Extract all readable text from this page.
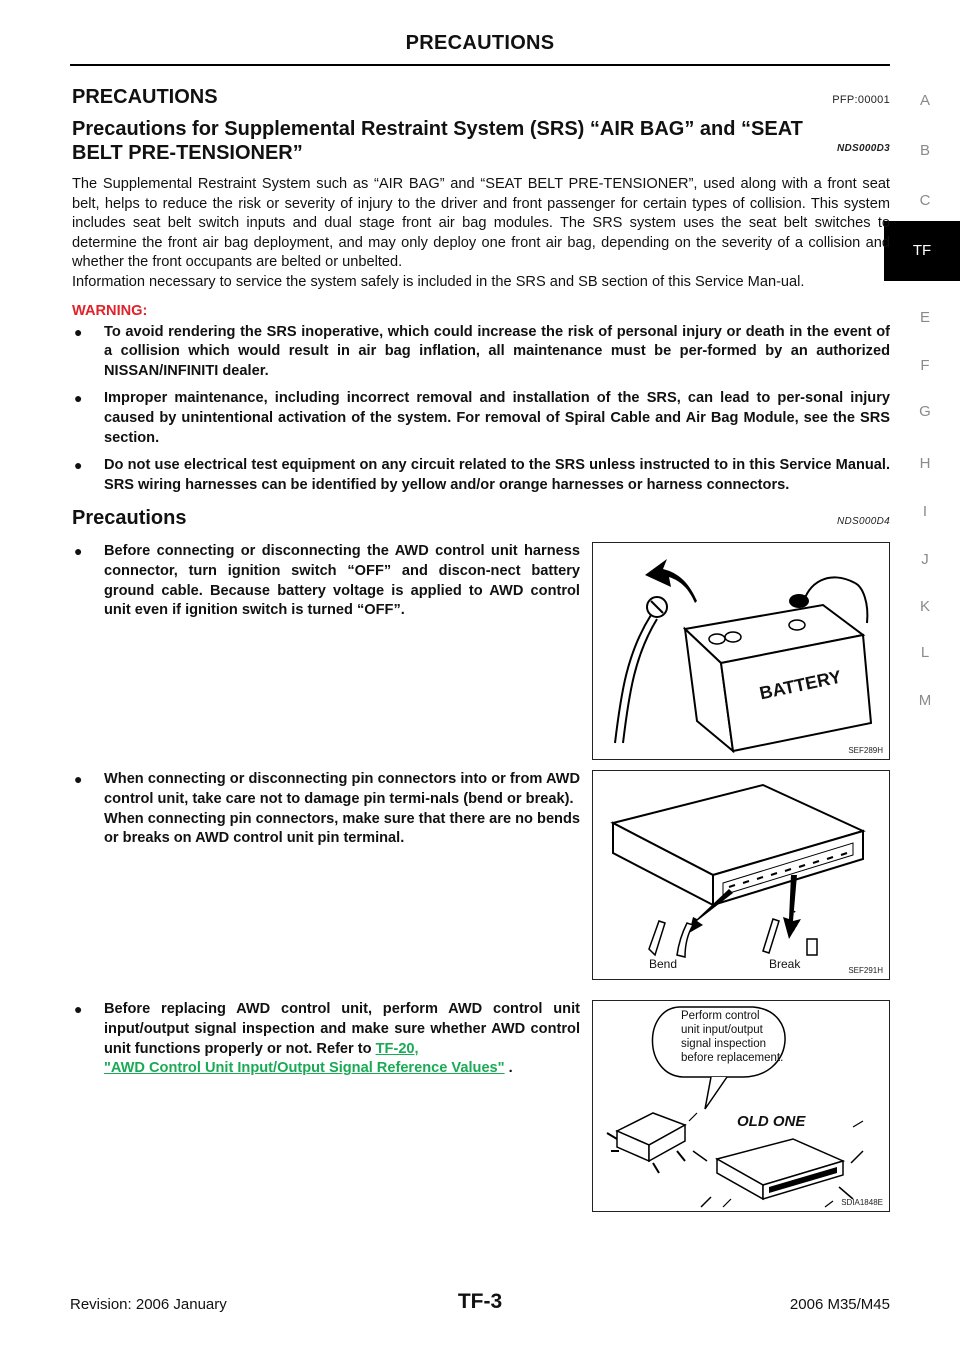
PRECAUTIONS
A
B
C
TF
E
F
G
H
I
J
K
L
M
PRECAUTIONS	PFP:00001
Precautions for Supplemental Restraint System (SRS) “AIR BAG” and “SEAT
BELT PRE-TENSIONER”	NDS000D3

The Supplemental Restraint System such as “AIR BAG” and “SEAT BELT PRE-TENSIONER”, used along with a front seat belt, helps to reduce the risk or severity of injury to the driver and front passenger for certain types of collision. This system includes seat belt switch inputs and dual stage front air bag modules. The SRS system uses the seat belt switches to determine the front air bag deployment, and may only deploy one front air bag, depending on the severity of a collision and whether the front occupants are belted or unbelted.

Information necessary to service the system safely is included in the SRS and SB section of this Service Man-ual.

WARNING:
● To avoid rendering the SRS inoperative, which could increase the risk of personal injury or death in the event of a collision which would result in air bag inflation, all maintenance must be per-formed by an authorized NISSAN/INFINITI dealer.
● Improper maintenance, including incorrect removal and installation of the SRS, can lead to per-sonal injury caused by unintentional activation of the system. For removal of Spiral Cable and Air Bag Module, see the SRS section.
● Do not use electrical test equipment on any circuit related to the SRS unless instructed to in this Service Manual. SRS wiring harnesses can be identified by yellow and/or orange harnesses or harness connectors.
Precautions	NDS000D4
● Before connecting or disconnecting the AWD control unit harness connector, turn ignition switch “OFF” and discon-nect battery ground cable. Because battery voltage is applied to AWD control unit even if ignition switch is turned “OFF”.
BATTERY
SEF289H
● When connecting or disconnecting pin connectors into or from AWD control unit, take care not to damage pin termi-nals (bend or break).
When connecting pin connectors, make sure that there are no bends or breaks on AWD control unit pin terminal.
Bend	Break	SEF291H
● Before replacing AWD control unit, perform AWD control unit input/output signal inspection and make sure whether AWD control unit functions properly or not. Refer to TF-20,
"AWD Control Unit Input/Output Signal Reference Values" .
Perform control
unit input/output
signal inspection
before replacement.
OLD ONE
SDIA1848E
Revision: 2006 January	TF-3	2006 M35/M45
